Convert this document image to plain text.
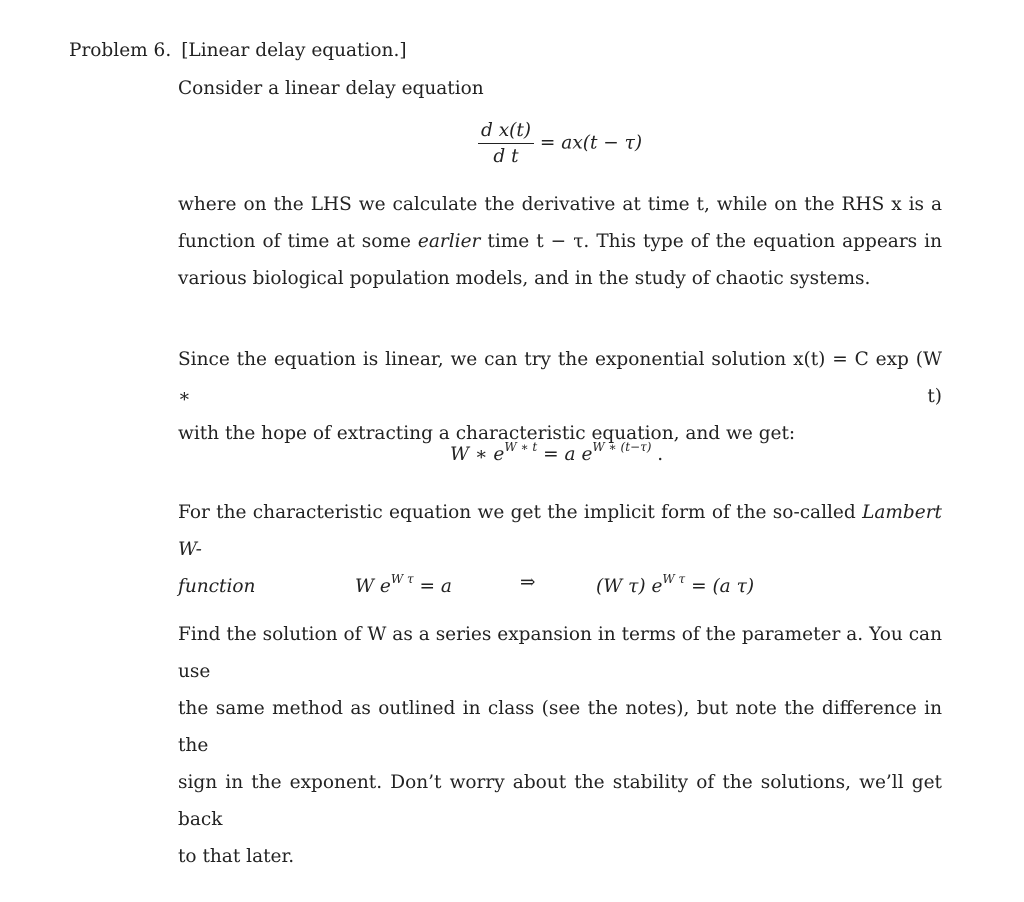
Problem 6. [Linear delay equation.]
Consider a linear delay equation
$\frac{\text{d x(t)}}{\text{d t}} = ax(t - \tau)$
where on the LHS we calculate the derivative at time t, while on the RHS x is a
function of time at some earlier time t − τ. This type of the equation appears in
various biological population models, and in the study of chaotic systems.
Since the equation is linear, we can try the exponential solution x(t) = C exp (W ∗ t)
with the hope of extracting a characteristic equation, and we get:
W ∗ $e^{W ∗ t} = a$ $e^{W ∗ (t-\tau)}$ .
For the characteristic equation we get the implicit form of the so-called Lambert W-
function	W $e^{W \tau} = a$	⇒	(W τ) $e^{W \tau} = (a$ τ)
Find the solution of W as a series expansion in terms of the parameter a. You can use
the same method as outlined in class (see the notes), but note the difference in the
sign in the exponent. Don’t worry about the stability of the solutions, we’ll get back
to that later.
